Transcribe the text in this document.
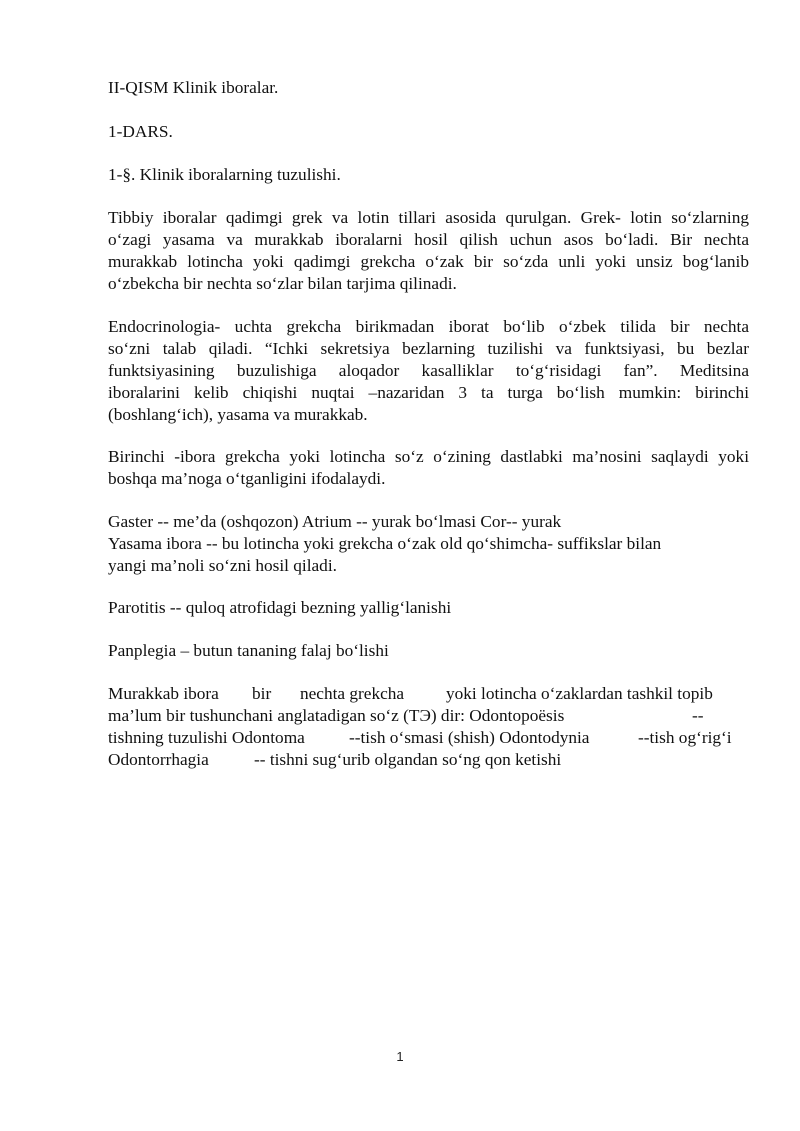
II-QISM Klinik iboralar.
1-DARS.
1-§. Klinik iboralarning tuzulishi.
Tibbiy iboralar qadimgi grek va lotin tillari asosida qurulgan. Grek- lotin so‘zlarning
o‘zagi yasama va murakkab iboralarni hosil qilish uchun asos bo‘ladi. Bir nechta
murakkab lotincha yoki qadimgi grekcha o‘zak bir so‘zda unli yoki unsiz bog‘lanib
o‘zbekcha bir nechta so‘zlar bilan tarjima qilinadi.
Endocrinologia- uchta grekcha birikmadan iborat bo‘lib o‘zbek tilida bir nechta
so‘zni talab qiladi. “Ichki sekretsiya bezlarning tuzilishi va funktsiyasi, bu bezlar
funktsiyasining buzulishiga aloqador kasalliklar to‘g‘risidagi fan”. Meditsina
iboralarini kelib chiqishi nuqtai –nazaridan 3 ta turga bo‘lish mumkin: birinchi
(boshlang‘ich), yasama va murakkab.
Birinchi -ibora grekcha yoki lotincha so‘z o‘zining dastlabki ma’nosini saqlaydi yoki
boshqa ma’noga o‘tganligini ifodalaydi.
Gaster -- me’da (oshqozon) Atrium -- yurak bo‘lmasi Cor-- yurak
Yasama ibora -- bu lotincha yoki grekcha o‘zak old qo‘shimcha- suffikslar bilan
yangi ma’noli so‘zni hosil qiladi.
Parotitis -- quloq atrofidagi bezning yallig‘lanishi
Panplegia – butun tananing falaj bo‘lishi
Murakkab ibora bir nechta grekcha yoki lotincha o‘zaklardan tashkil topib
ma’lum bir tushunchani anglatadigan so‘z (TЭ) dir: Odontopoësis	--
tishning tuzulishi Odontoma	--tish o‘smasi (shish) Odontodynia	--tish og‘rig‘i
Odontorrhagia	-- tishni sug‘urib olgandan so‘ng qon ketishi
1
